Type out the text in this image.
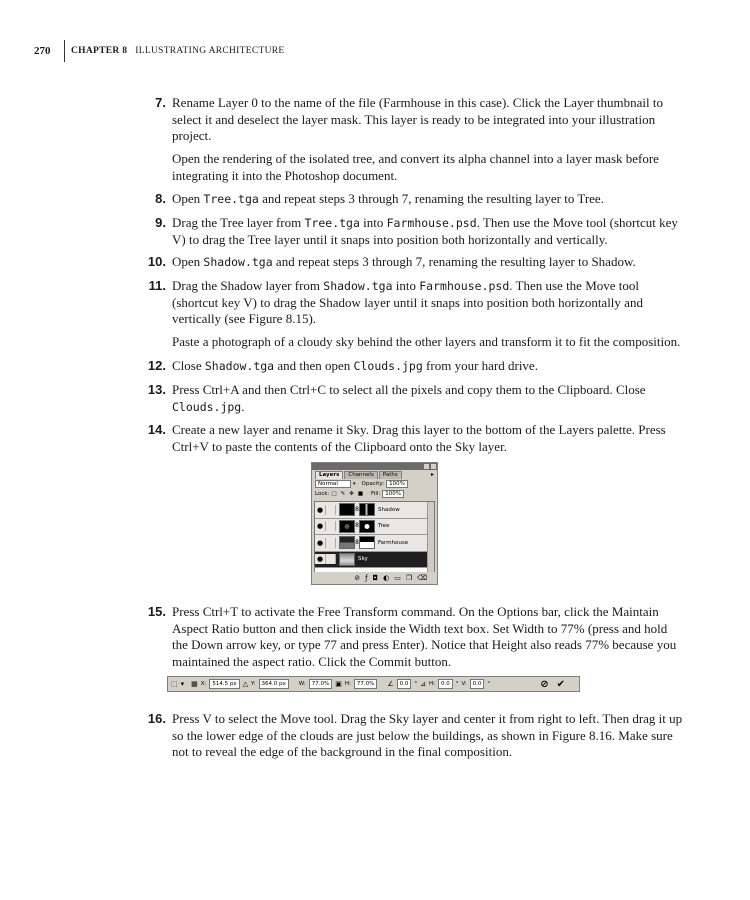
270	CHAPTER 8 ILLUSTRATING ARCHITECTURE
7. Rename Layer 0 to the name of the file (Farmhouse in this case). Click the Layer thumbnail to select it and deselect the layer mask. This layer is ready to be integrated into your illustration project.
Open the rendering of the isolated tree, and convert its alpha channel into a layer mask before integrating it into the Photoshop document.
8. Open Tree.tga and repeat steps 3 through 7, renaming the resulting layer to Tree.
9. Drag the Tree layer from Tree.tga into Farmhouse.psd. Then use the Move tool (shortcut key V) to drag the Tree layer until it snaps into position both horizontally and vertically.
10. Open Shadow.tga and repeat steps 3 through 7, renaming the resulting layer to Shadow.
11. Drag the Shadow layer from Shadow.tga into Farmhouse.psd. Then use the Move tool (shortcut key V) to drag the Shadow layer until it snaps into position both horizontally and vertically (see Figure 8.15).
Paste a photograph of a cloudy sky behind the other layers and transform it to fit the composition.
12. Close Shadow.tga and then open Clouds.jpg from your hard drive.
13. Press Ctrl+A and then Ctrl+C to select all the pixels and copy them to the Clipboard. Close Clouds.jpg.
14. Create a new layer and rename it Sky. Drag this layer to the bottom of the Layers palette. Press Ctrl+V to paste the contents of the Clipboard onto the Sky layer.
Layers	Channels	Paths	▸
Normal	▾ Opacity: 100%
Lock: □ ✎ ✥ ■ Fill: 100%
●	8	Shadow
●	8	Tree
●	8	Farmhouse
●	Sky
⊘ ƒ ◘ ◐ ▭ ❐ ⌫
15. Press Ctrl+T to activate the Free Transform command. On the Options bar, click the Maintain Aspect Ratio button and then click inside the Width text box. Set Width to 77% (press and hold the Down arrow key, or type 77 and press Enter). Notice that Height also reads 77% because you maintained the aspect ratio. Click the Commit button.
⬚ ▾ ▦ X:	514.5 px △ Y:	364.0 px	W:	77.0% ▣ H:	77.0%	∠	0.0	° ⊿ H:	0.0	° V:	0.0	°	⊘ ✔
16. Press V to select the Move tool. Drag the Sky layer and center it from right to left. Then drag it up so the lower edge of the clouds are just below the buildings, as shown in Figure 8.16. Make sure not to reveal the edge of the background in the final composition.
